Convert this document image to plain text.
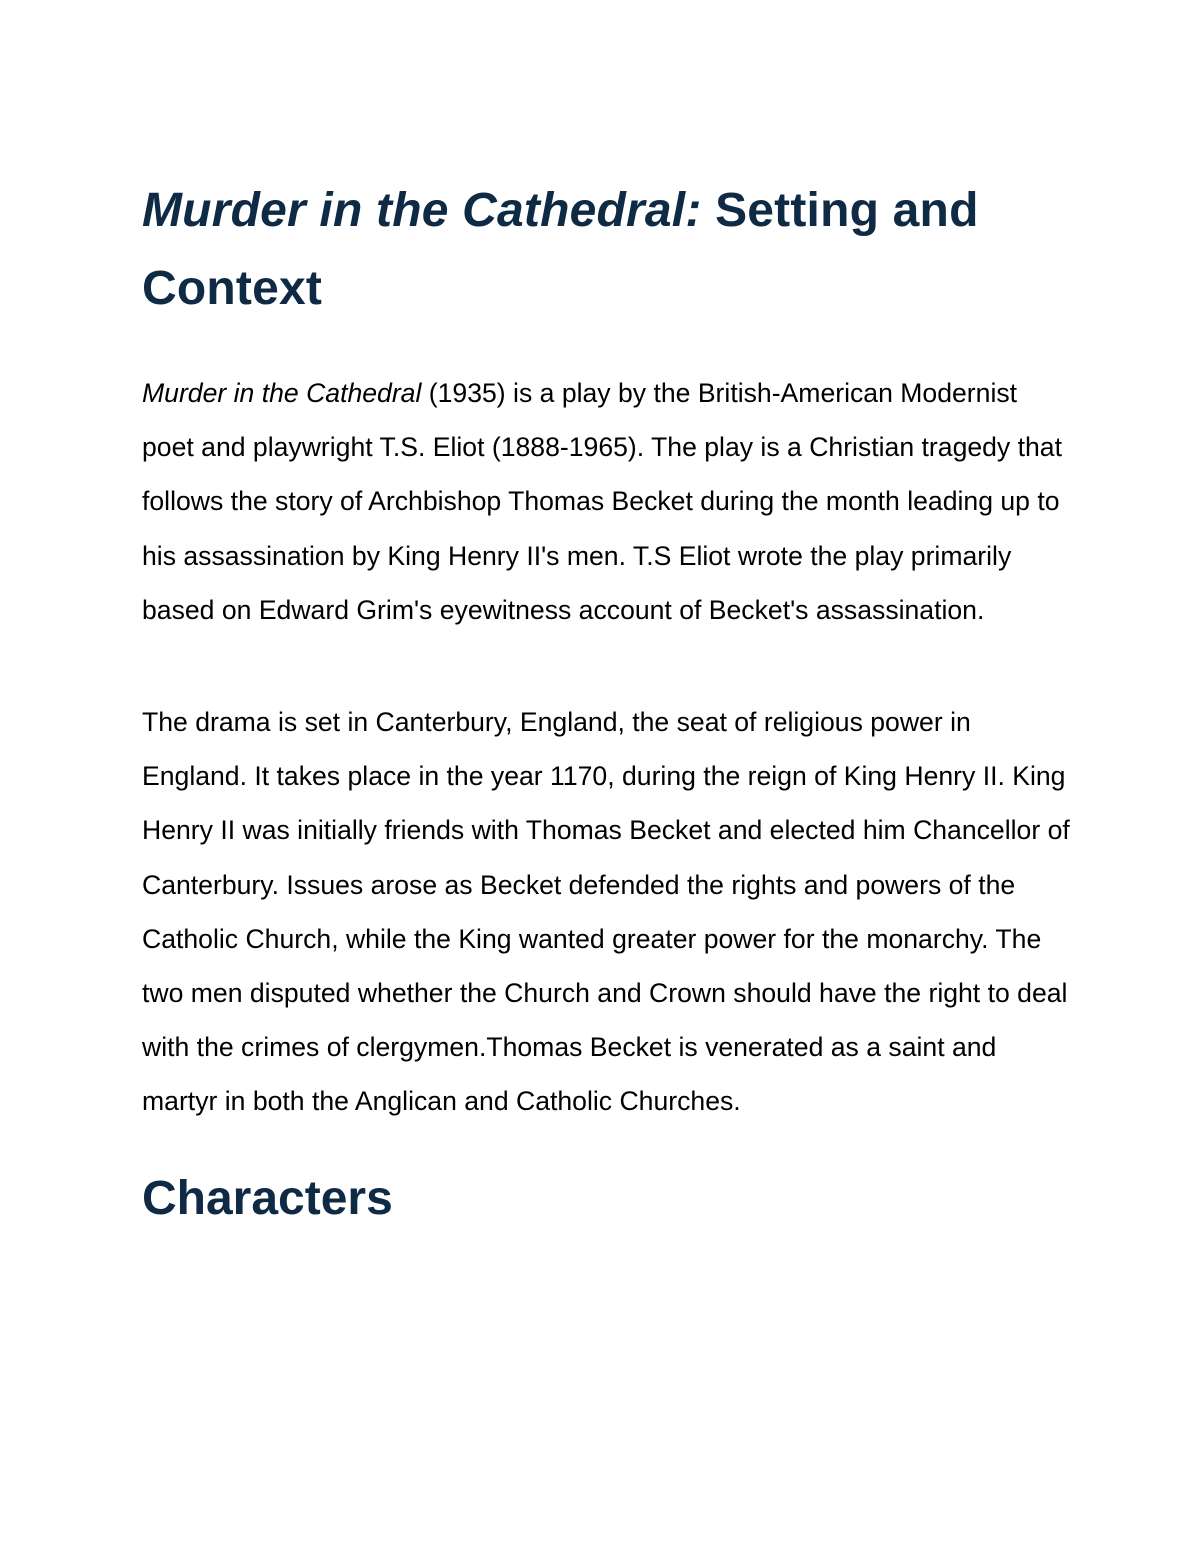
Murder in the Cathedral: Setting and Context

Murder in the Cathedral (1935) is a play by the British-American Modernist poet and playwright T.S. Eliot (1888-1965). The play is a Christian tragedy that follows the story of Archbishop Thomas Becket during the month leading up to his assassination by King Henry II's men. T.S Eliot wrote the play primarily based on Edward Grim's eyewitness account of Becket's assassination.

The drama is set in Canterbury, England, the seat of religious power in England. It takes place in the year 1170, during the reign of King Henry II. King Henry II was initially friends with Thomas Becket and elected him Chancellor of Canterbury. Issues arose as Becket defended the rights and powers of the Catholic Church, while the King wanted greater power for the monarchy. The two men disputed whether the Church and Crown should have the right to deal with the crimes of clergymen.Thomas Becket is venerated as a saint and martyr in both the Anglican and Catholic Churches.

Characters
